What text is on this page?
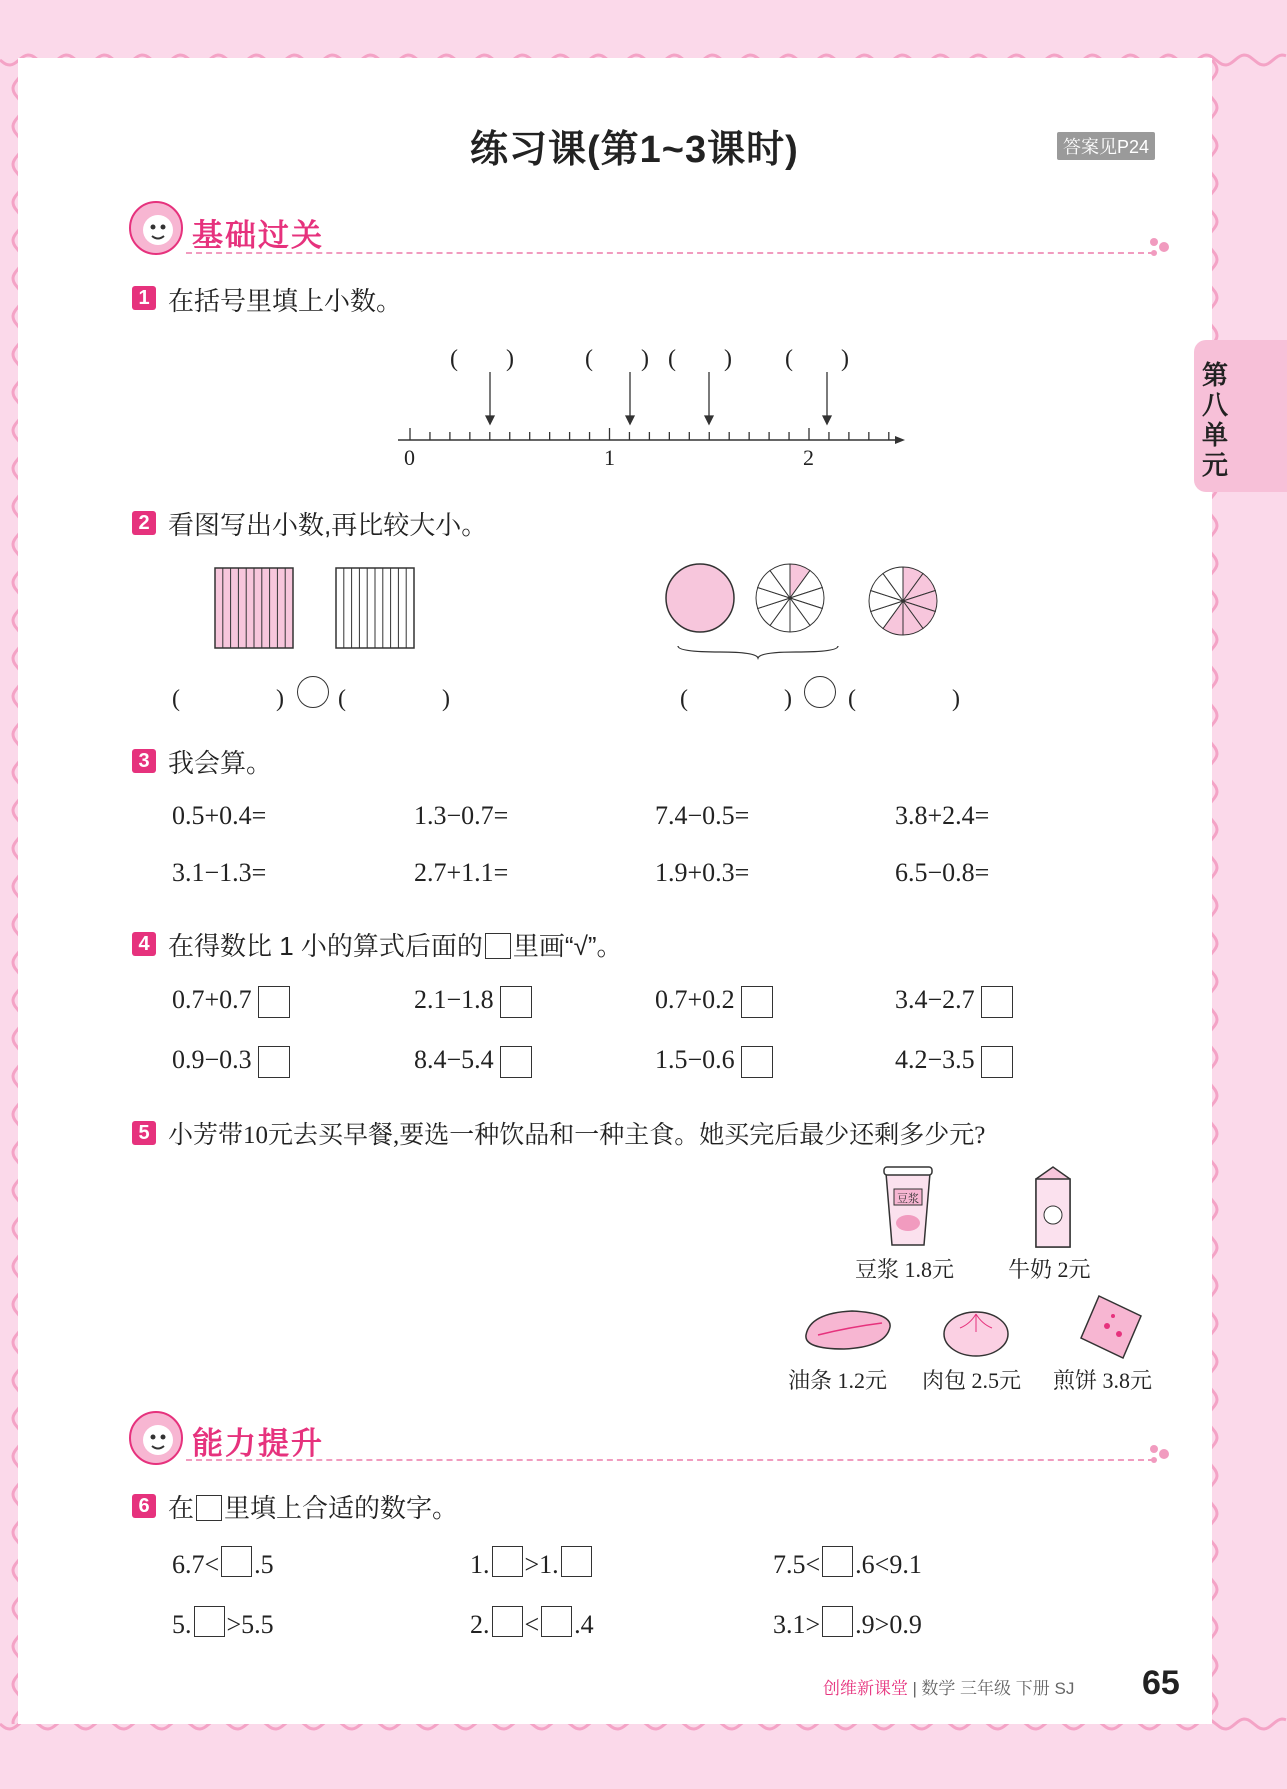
第八单元
练习课(第1~3课时)	答案见P24
基础过关
1 在括号里填上小数。
(　　)	(　　) (　　) (　　)
0	1	2
2 看图写出小数,再比较大小。
(　　　　) (　　　　)	(　　　　) (　　　　)
3 我会算。
0.5+0.4=	1.3−0.7=	7.4−0.5=	3.8+2.4=
3.1−1.3=	2.7+1.1=	1.9+0.3=	6.5−0.8=
4 在得数比 1 小的算式后面的 里画“√”。
0.7+0.7	2.1−1.8	0.7+0.2	3.4−2.7
0.9−0.3	8.4−5.4	1.5−0.6	4.2−3.5
5 小芳带10元去买早餐,要选一种饮品和一种主食。她买完后最少还剩多少元?
豆浆
豆浆 1.8元 牛奶 2元
油条 1.2元 肉包 2.5元 煎饼 3.8元
能力提升
6 在 里填上合适的数字。
6.7< .5	1. >1.	7.5< .6<9.1
5. >5.5	2. < .4	3.1> .9>0.9
创维新课堂 | 数学 三年级 下册 SJ 65
